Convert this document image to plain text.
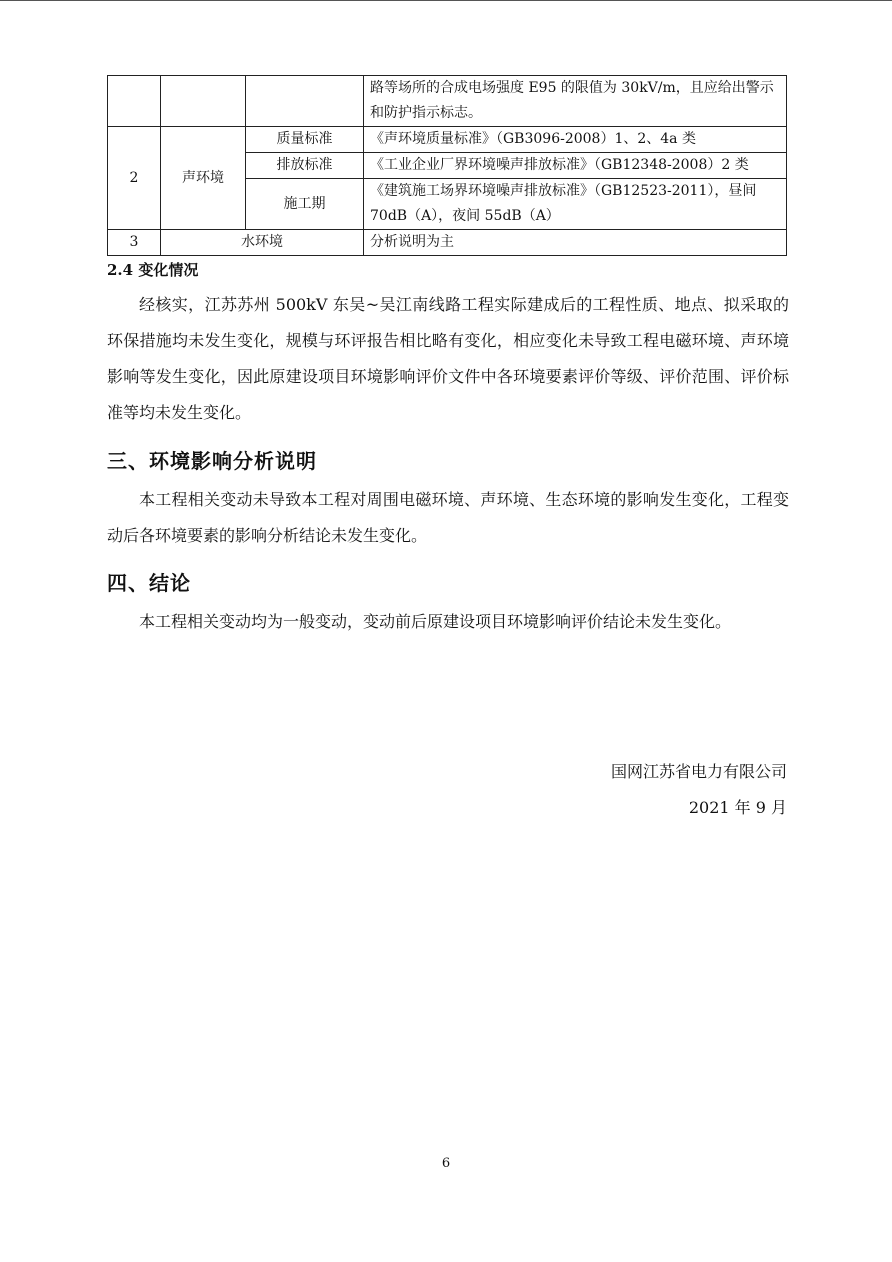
			路等场所的合成电场强度 E95 的限值为 30kV/m，且应给出警示和防护指示标志。
2	声环境	质量标准	《声环境质量标准》（GB3096-2008）1、2、4a 类
		排放标准	《工业企业厂界环境噪声排放标准》（GB12348-2008）2 类
		施工期	《建筑施工场界环境噪声排放标准》（GB12523-2011），昼间 70dB（A），夜间 55dB（A）
3	水环境		分析说明为主
2.4 变化情况
经核实，江苏苏州 500kV 东吴~吴江南线路工程实际建成后的工程性质、地点、拟采取的环保措施均未发生变化，规模与环评报告相比略有变化，相应变化未导致工程电磁环境、声环境影响等发生变化，因此原建设项目环境影响评价文件中各环境要素评价等级、评价范围、评价标准等均未发生变化。
三、环境影响分析说明
本工程相关变动未导致本工程对周围电磁环境、声环境、生态环境的影响发生变化，工程变动后各环境要素的影响分析结论未发生变化。
四、结论
本工程相关变动均为一般变动，变动前后原建设项目环境影响评价结论未发生变化。
国网江苏省电力有限公司
2021 年 9 月
6
